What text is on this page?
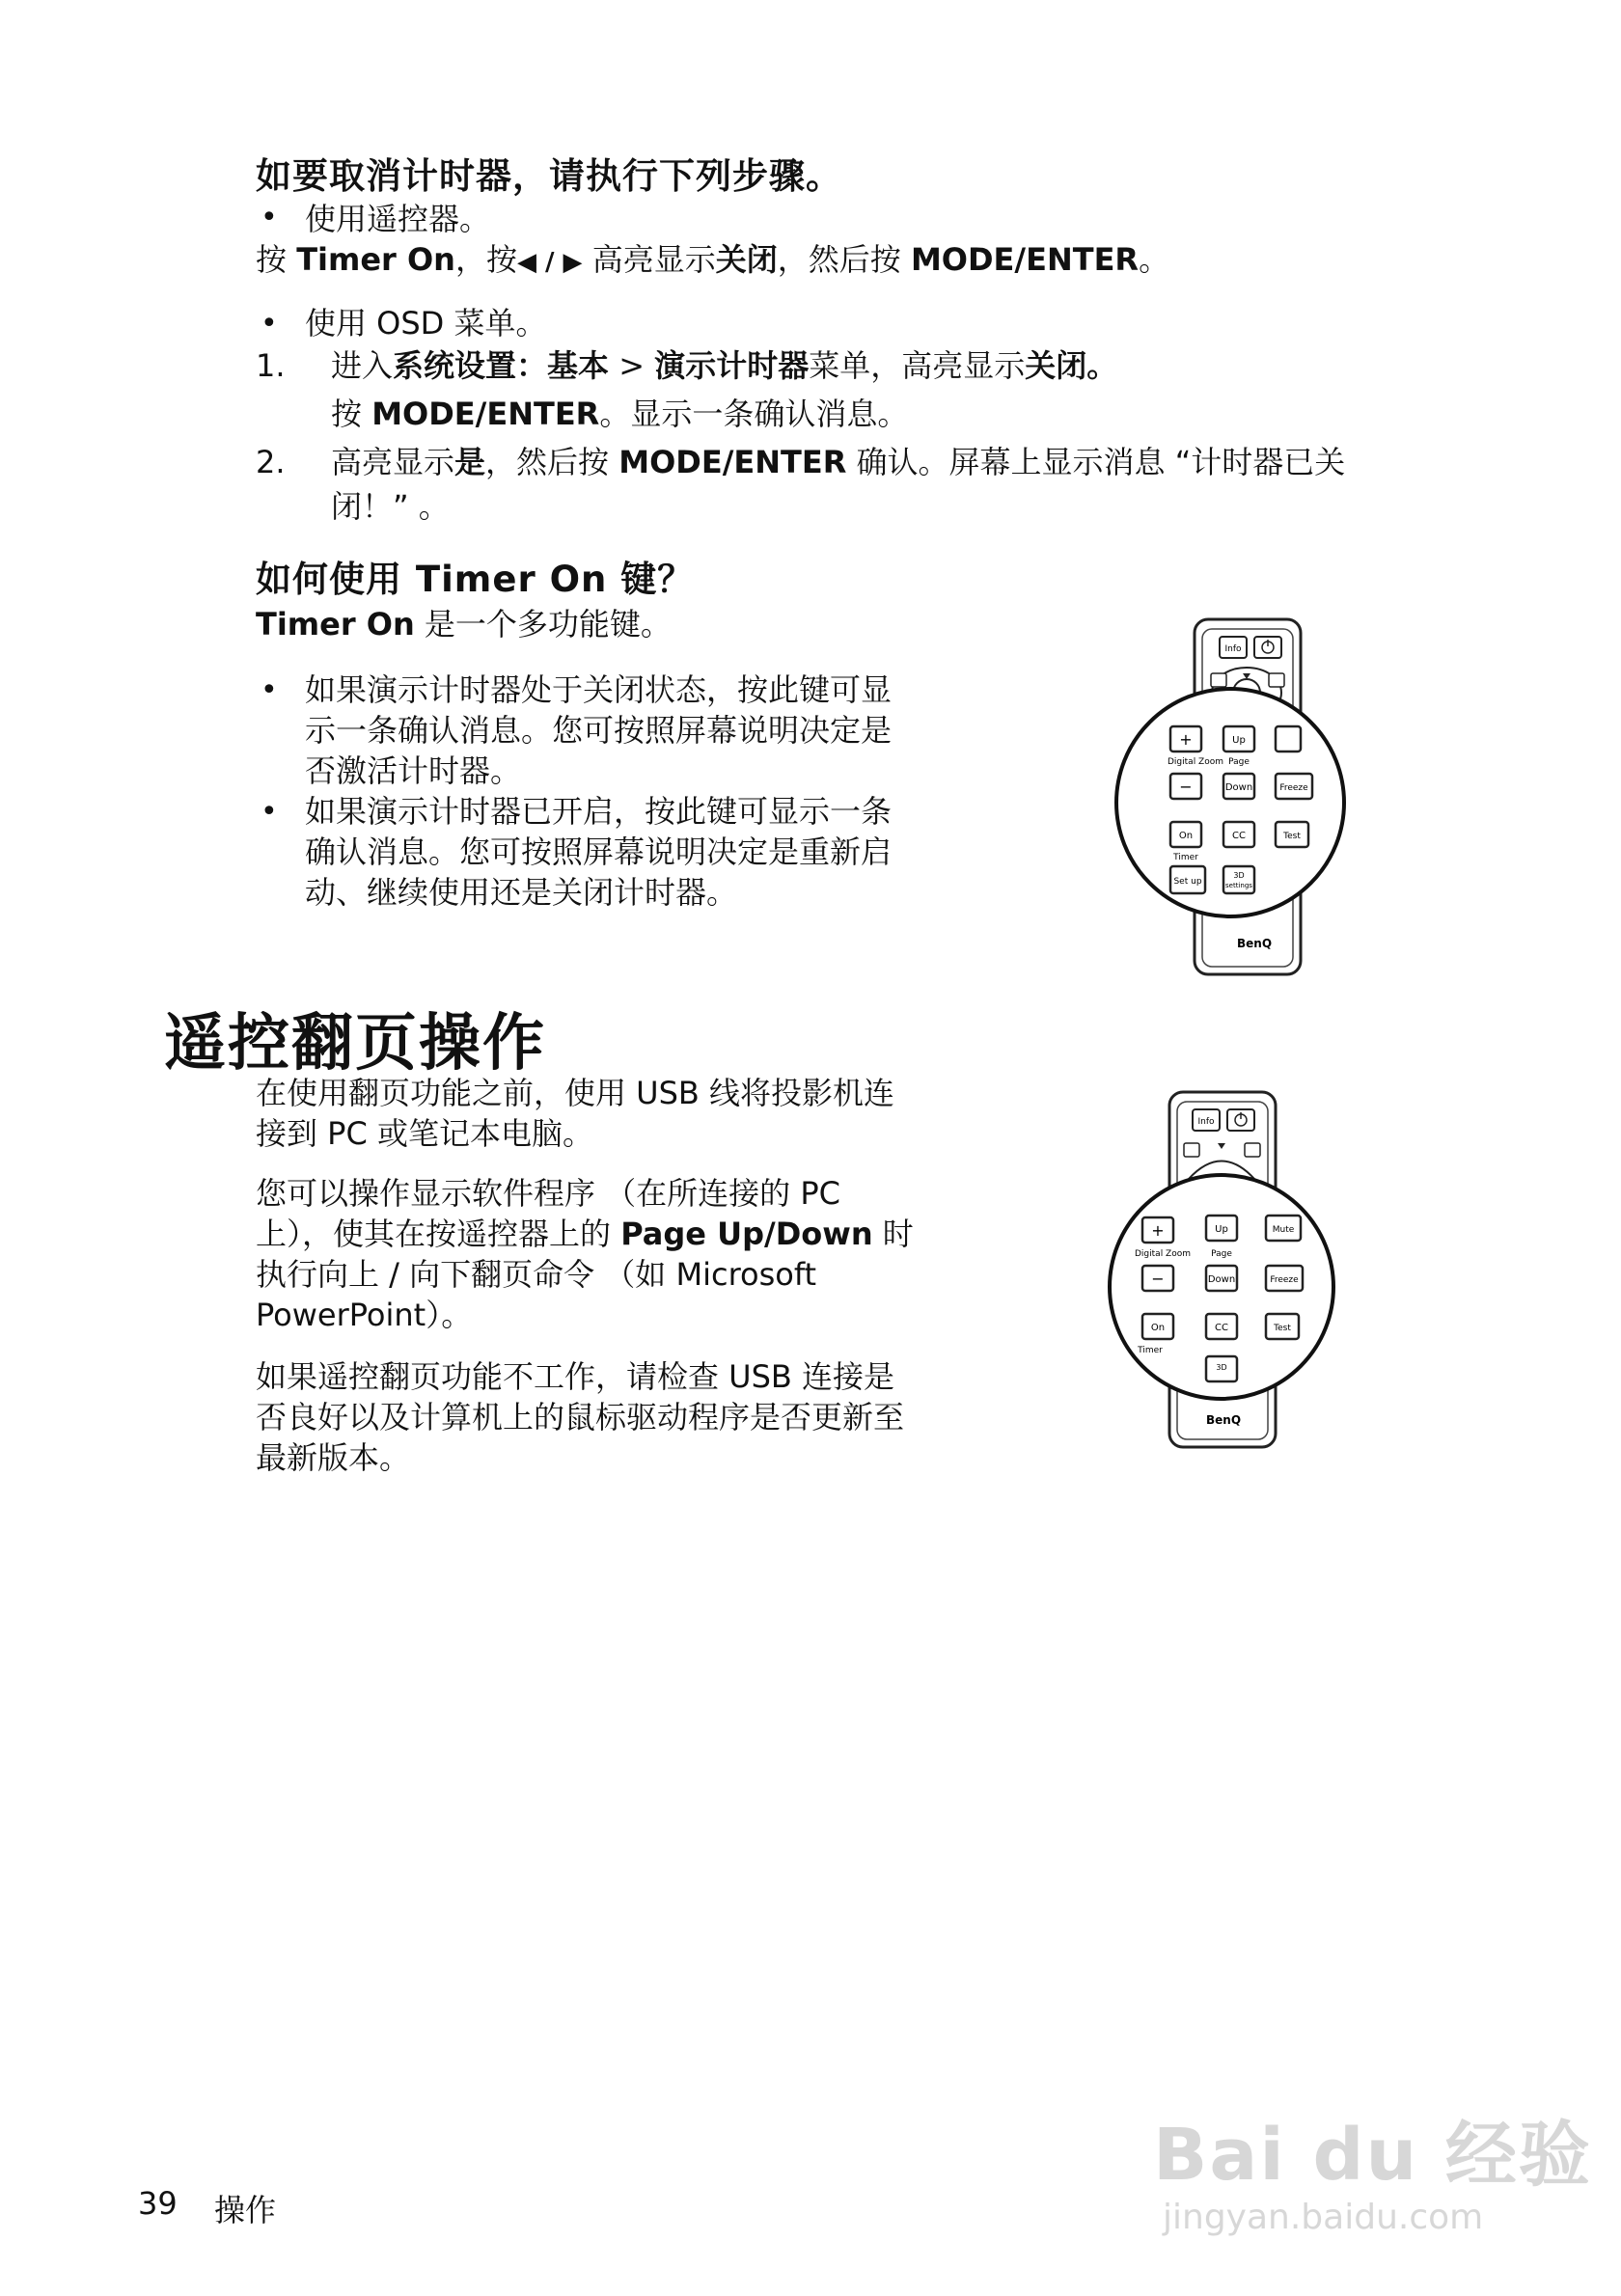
如要取消计时器，请执行下列步骤。
• 使用遥控器。
按 Timer On，按◀ / ▶ 高亮显示关闭，然后按 MODE/ENTER。
• 使用 OSD 菜单。
1. 进入系统设置：基本 > 演示计时器菜单，高亮显示关闭。
按 MODE/ENTER。显示一条确认消息。
2. 高亮显示是，然后按 MODE/ENTER 确认。屏幕上显示消息 “计时器已关
闭！” 。
如何使用 Timer On 键？
Timer On 是一个多功能键。
• 如果演示计时器处于关闭状态，按此键可显
示一条确认消息。您可按照屏幕说明决定是
否激活计时器。
• 如果演示计时器已开启，按此键可显示一条
确认消息。您可按照屏幕说明决定是重新启
动、继续使用还是关闭计时器。
Info
+	Up
Digital Zoom Page
−	Down	Freeze
On	CC	Test
Timer
Set up
3D
settings
BenQ
遥控翻页操作
在使用翻页功能之前，使用 USB 线将投影机连
接到 PC 或笔记本电脑。
您可以操作显示软件程序 （在所连接的 PC
上），使其在按遥控器上的 Page Up/Down 时
执行向上 / 向下翻页命令 （如 Microsoft
PowerPoint）。
如果遥控翻页功能不工作，请检查 USB 连接是
否良好以及计算机上的鼠标驱动程序是否更新至
最新版本。
Info
+	Up	Mute
Digital Zoom Page
−	Down	Freeze
On	CC	Test
Timer
3D
BenQ
39 操作
Bai du 经验
jingyan.baidu.com
